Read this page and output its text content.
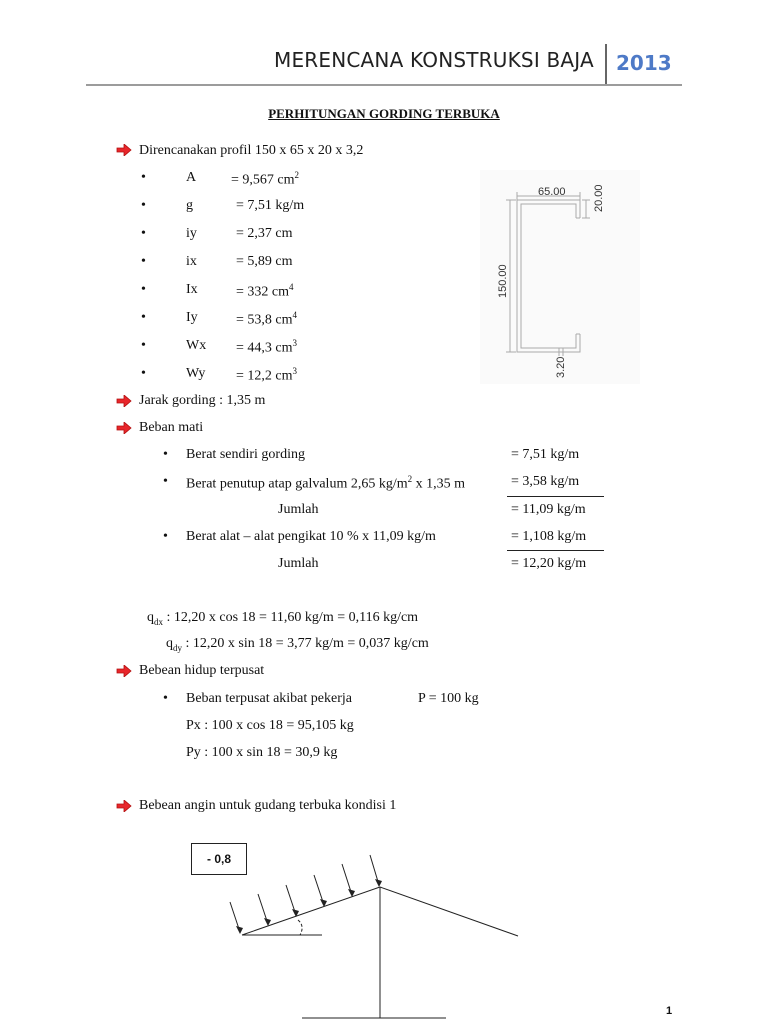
MERENCANA KONSTRUKSI BAJA 2013
PERHITUNGAN GORDING TERBUKA
Direncanakan profil 150 x 65 x 20 x 3,2
•	A = 9,567 $cm^2$
•	g	= 7,51 kg/m
•	iy	= 2,37 cm
•	ix	= 5,89 cm
•	Ix	= 332 $cm^4$
•	Iy	= 53,8 $cm^4$
•	Wx = 44,3 $cm^3$
•	Wy = 12,2 $cm^3$
65.00 20.00
150.00
3.20
Jarak gording : 1,35 m
Beban mati
• Berat sendiri gording	= 7,51 kg/m
• Berat penutup atap galvalum 2,65 $kg/m^2$ x 1,35 m	= 3,58 kg/m
Jumlah	= 11,09 kg/m
• Berat alat – alat pengikat 10 % x 11,09 kg/m	= 1,108 kg/m
Jumlah	= 12,20 kg/m
$q_{dx}$ : 12,20 x cos 18 = 11,60 kg/m = 0,116 kg/cm
$q_{dy}$ : 12,20 x sin 18 = 3,77 kg/m = 0,037 kg/cm
Bebean hidup terpusat
• Beban terpusat akibat pekerja	P = 100 kg
Px : 100 x cos 18 = 95,105 kg
Py : 100 x sin 18 = 30,9 kg
Bebean angin untuk gudang terbuka kondisi 1
- 0,8
1
